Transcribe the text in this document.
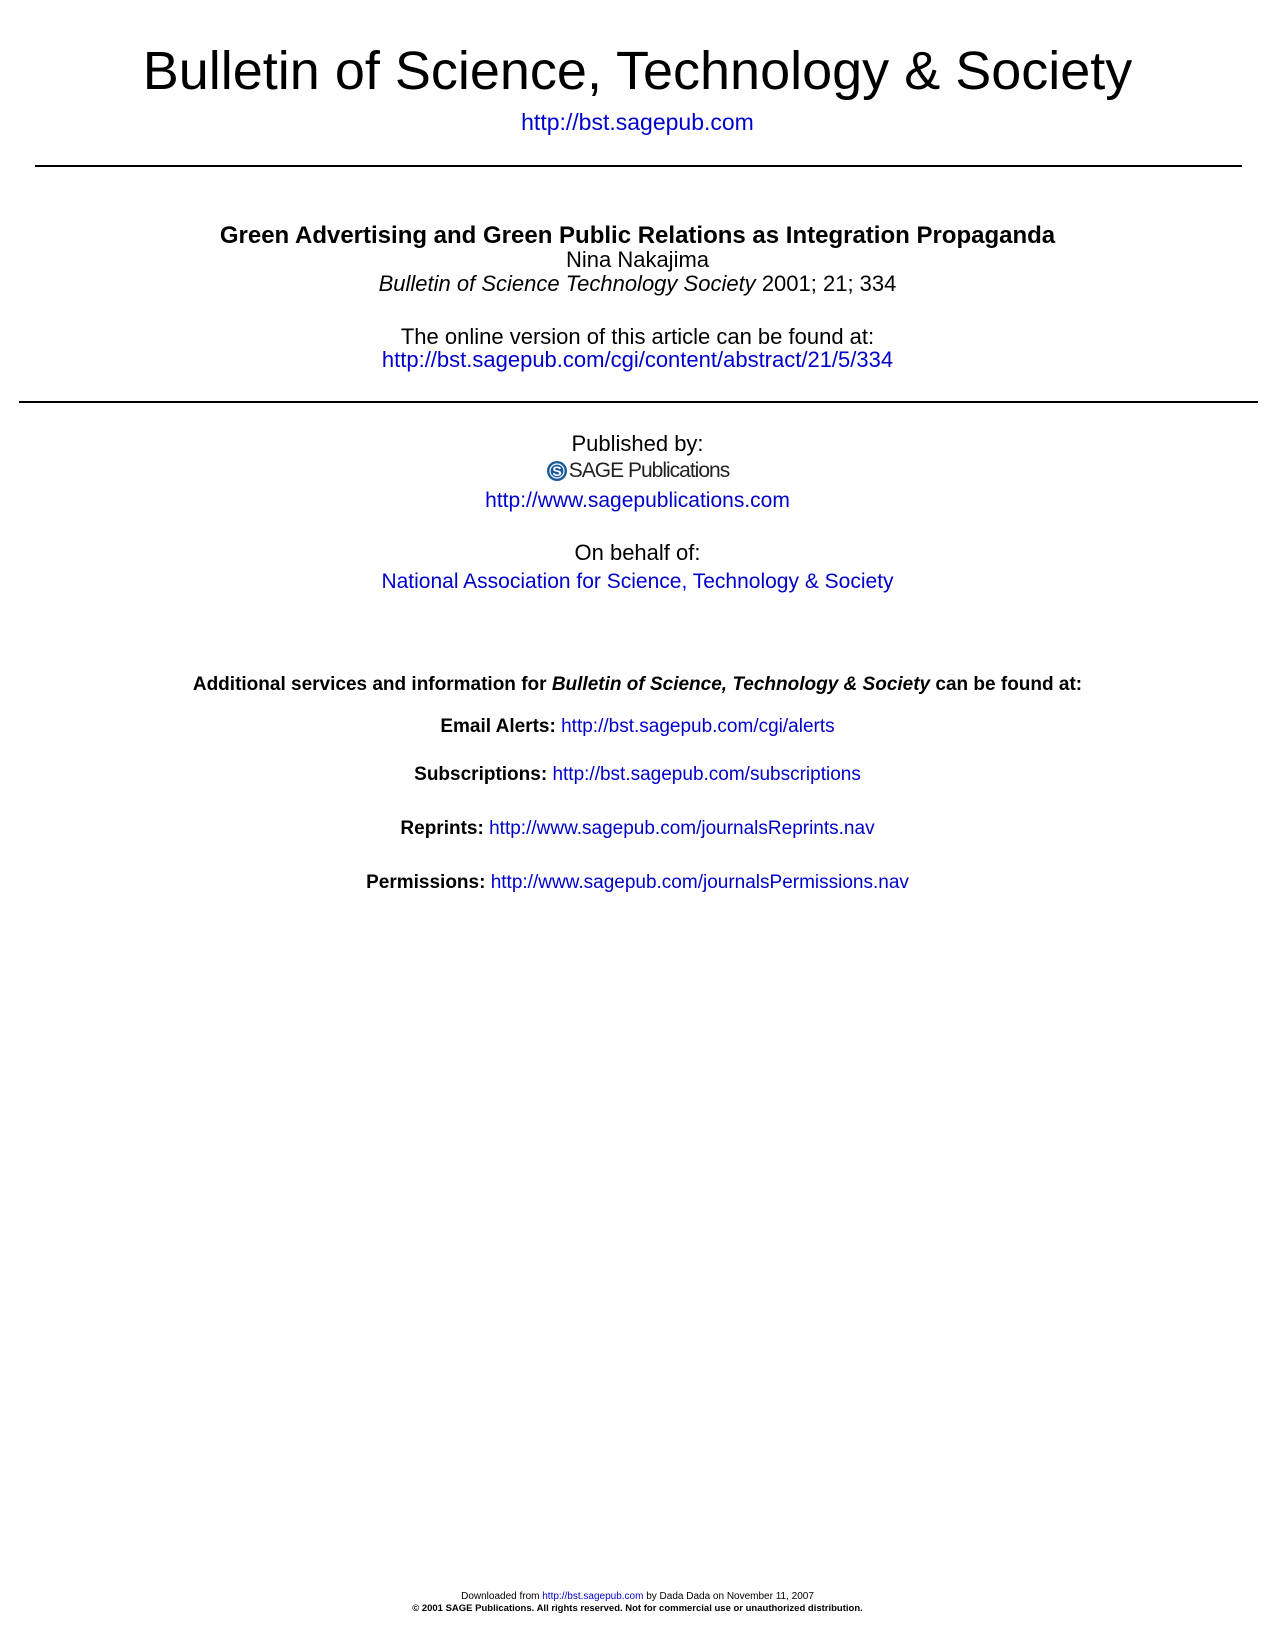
Bulletin of Science, Technology & Society
http://bst.sagepub.com
Green Advertising and Green Public Relations as Integration Propaganda
Nina Nakajima
Bulletin of Science Technology Society 2001; 21; 334
The online version of this article can be found at:
http://bst.sagepub.com/cgi/content/abstract/21/5/334
Published by:
S SAGE Publications
http://www.sagepublications.com
On behalf of:
National Association for Science, Technology & Society
Additional services and information for Bulletin of Science, Technology & Society can be found at:
Email Alerts: http://bst.sagepub.com/cgi/alerts
Subscriptions: http://bst.sagepub.com/subscriptions
Reprints: http://www.sagepub.com/journalsReprints.nav
Permissions: http://www.sagepub.com/journalsPermissions.nav
Downloaded from http://bst.sagepub.com by Dada Dada on November 11, 2007
© 2001 SAGE Publications. All rights reserved. Not for commercial use or unauthorized distribution.
